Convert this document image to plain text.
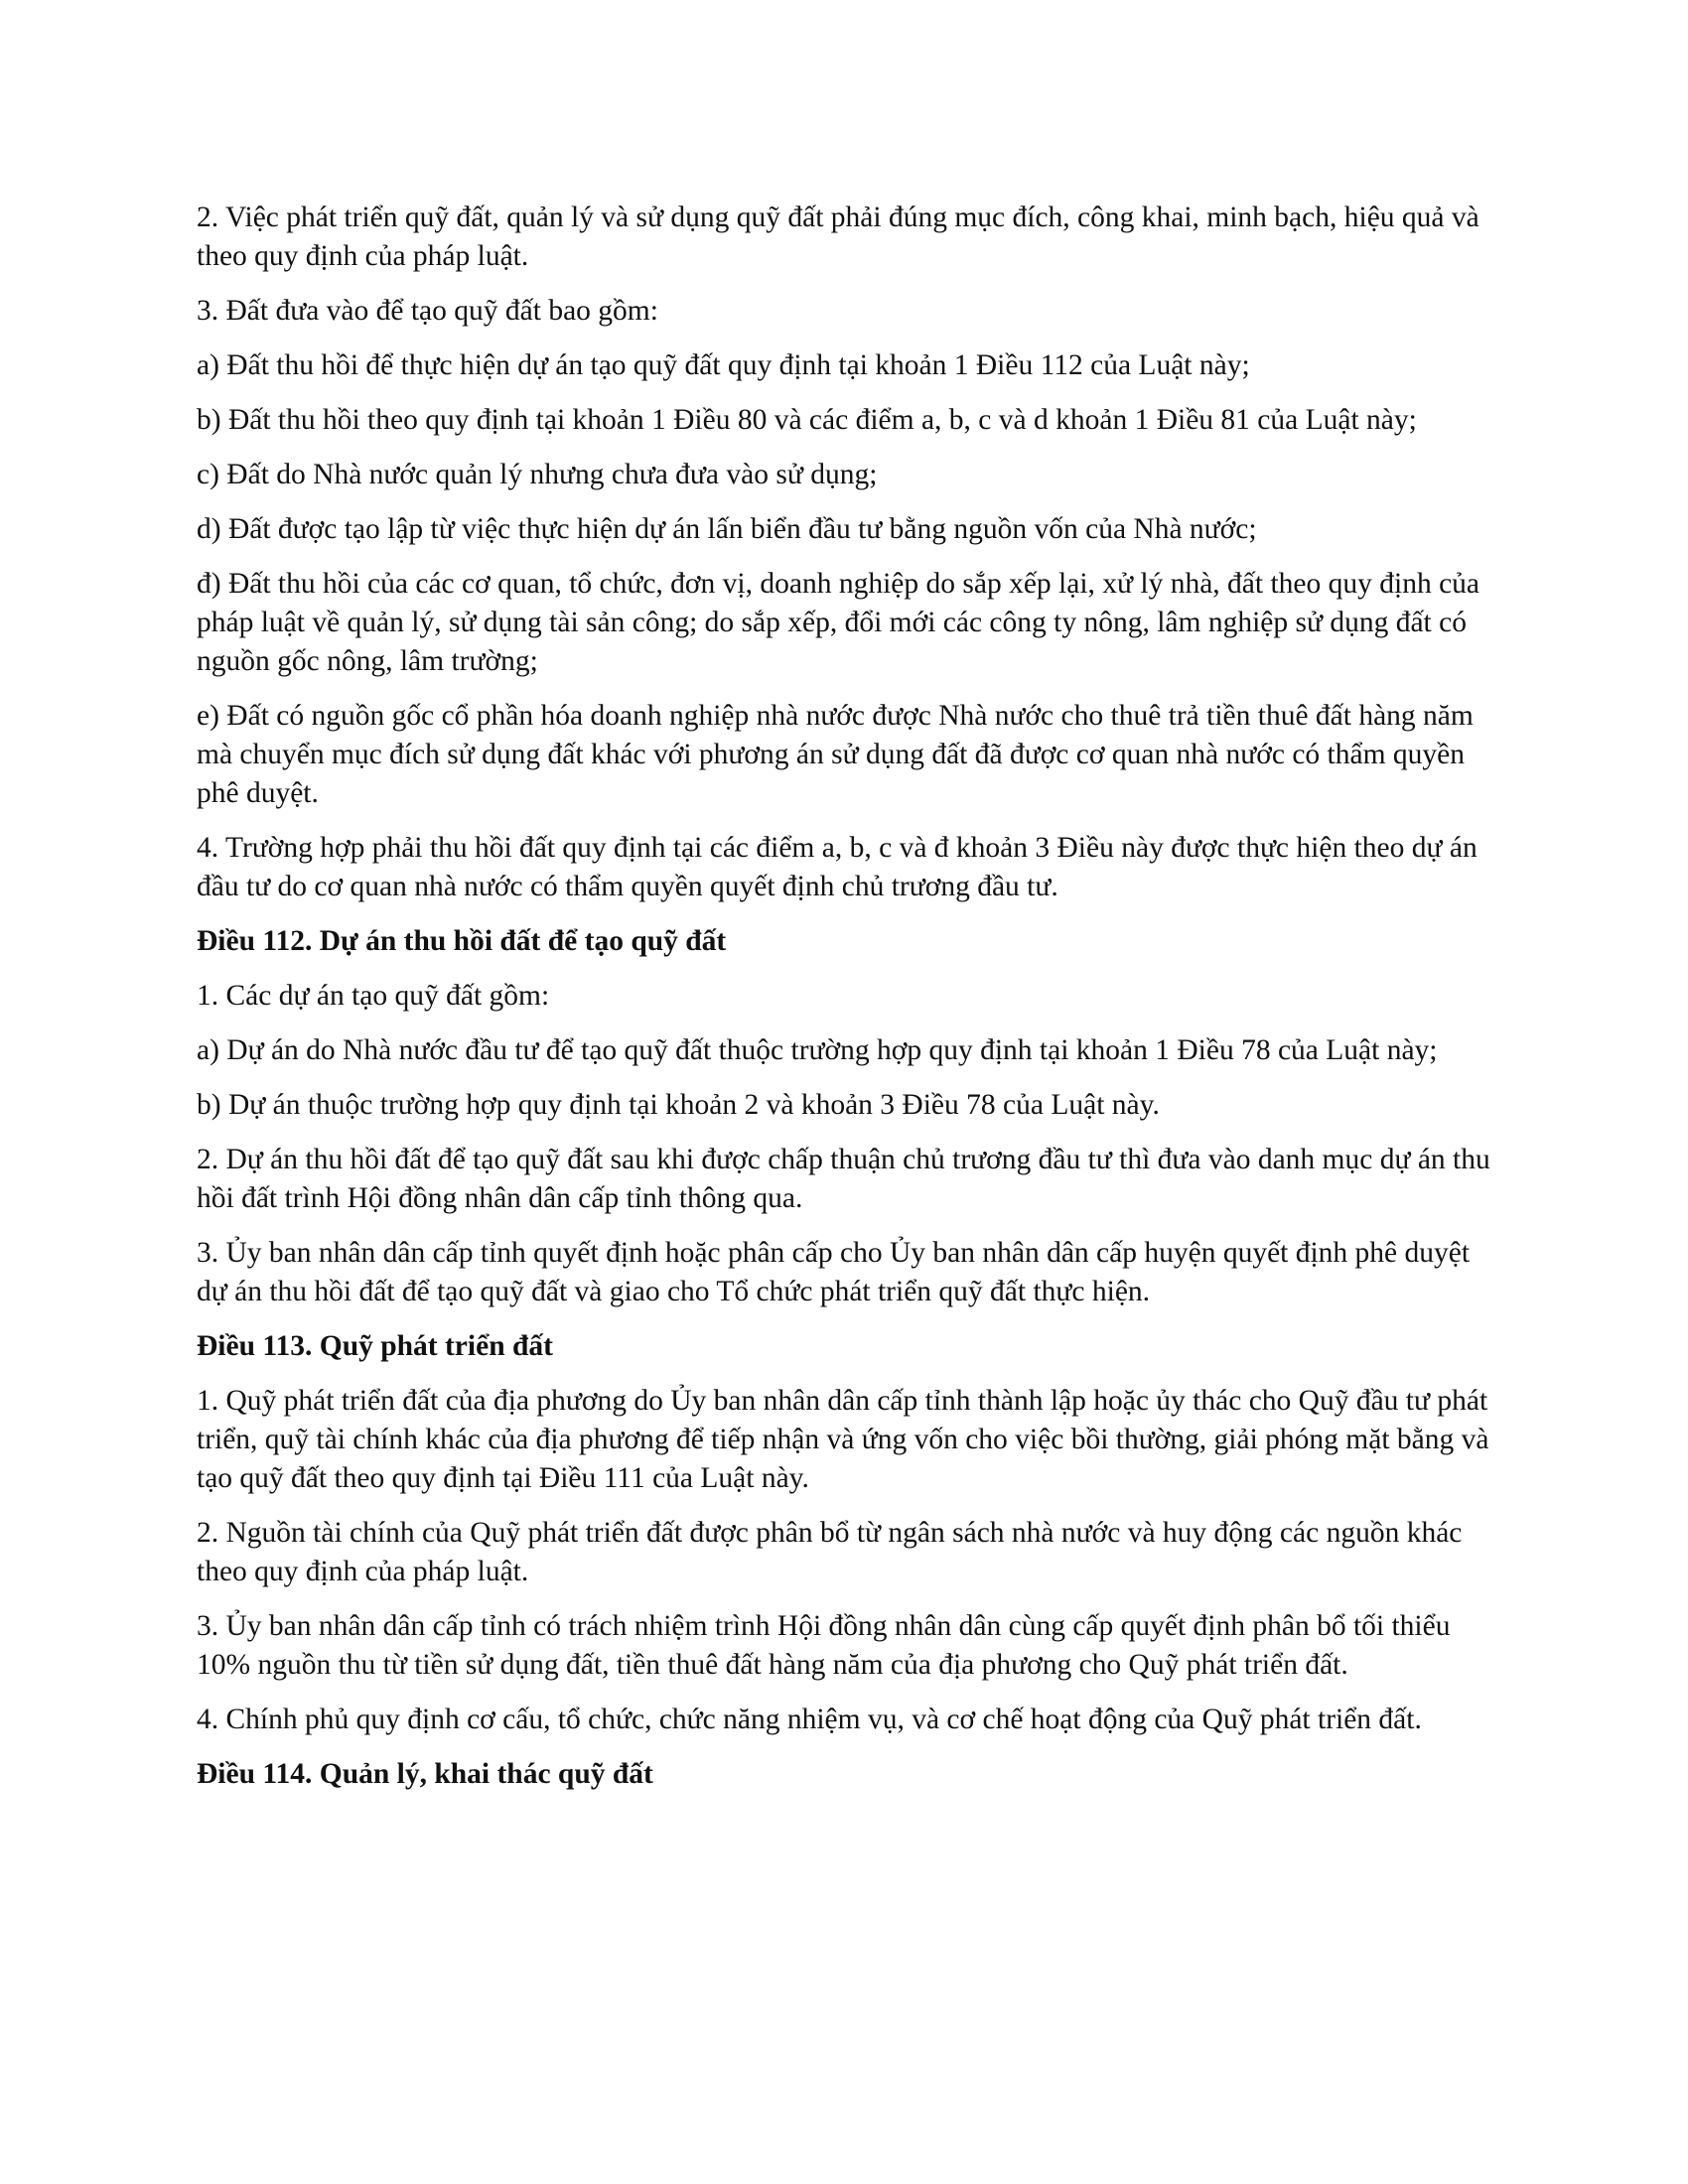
2. Việc phát triển quỹ đất, quản lý và sử dụng quỹ đất phải đúng mục đích, công khai, minh bạch, hiệu quả và theo quy định của pháp luật.

3. Đất đưa vào để tạo quỹ đất bao gồm:

a) Đất thu hồi để thực hiện dự án tạo quỹ đất quy định tại khoản 1 Điều 112 của Luật này;

b) Đất thu hồi theo quy định tại khoản 1 Điều 80 và các điểm a, b, c và d khoản 1 Điều 81 của Luật này;

c) Đất do Nhà nước quản lý nhưng chưa đưa vào sử dụng;

d) Đất được tạo lập từ việc thực hiện dự án lấn biển đầu tư bằng nguồn vốn của Nhà nước;

đ) Đất thu hồi của các cơ quan, tổ chức, đơn vị, doanh nghiệp do sắp xếp lại, xử lý nhà, đất theo quy định của pháp luật về quản lý, sử dụng tài sản công; do sắp xếp, đổi mới các công ty nông, lâm nghiệp sử dụng đất có nguồn gốc nông, lâm trường;

e) Đất có nguồn gốc cổ phần hóa doanh nghiệp nhà nước được Nhà nước cho thuê trả tiền thuê đất hàng năm mà chuyển mục đích sử dụng đất khác với phương án sử dụng đất đã được cơ quan nhà nước có thẩm quyền phê duyệt.

4. Trường hợp phải thu hồi đất quy định tại các điểm a, b, c và đ khoản 3 Điều này được thực hiện theo dự án đầu tư do cơ quan nhà nước có thẩm quyền quyết định chủ trương đầu tư.

Điều 112. Dự án thu hồi đất để tạo quỹ đất

1. Các dự án tạo quỹ đất gồm:

a) Dự án do Nhà nước đầu tư để tạo quỹ đất thuộc trường hợp quy định tại khoản 1 Điều 78 của Luật này;

b) Dự án thuộc trường hợp quy định tại khoản 2 và khoản 3 Điều 78 của Luật này.

2. Dự án thu hồi đất để tạo quỹ đất sau khi được chấp thuận chủ trương đầu tư thì đưa vào danh mục dự án thu hồi đất trình Hội đồng nhân dân cấp tỉnh thông qua.

3. Ủy ban nhân dân cấp tỉnh quyết định hoặc phân cấp cho Ủy ban nhân dân cấp huyện quyết định phê duyệt dự án thu hồi đất để tạo quỹ đất và giao cho Tổ chức phát triển quỹ đất thực hiện.

Điều 113. Quỹ phát triển đất

1. Quỹ phát triển đất của địa phương do Ủy ban nhân dân cấp tỉnh thành lập hoặc ủy thác cho Quỹ đầu tư phát triển, quỹ tài chính khác của địa phương để tiếp nhận và ứng vốn cho việc bồi thường, giải phóng mặt bằng và tạo quỹ đất theo quy định tại Điều 111 của Luật này.

2. Nguồn tài chính của Quỹ phát triển đất được phân bổ từ ngân sách nhà nước và huy động các nguồn khác theo quy định của pháp luật.

3. Ủy ban nhân dân cấp tỉnh có trách nhiệm trình Hội đồng nhân dân cùng cấp quyết định phân bổ tối thiểu 10% nguồn thu từ tiền sử dụng đất, tiền thuê đất hàng năm của địa phương cho Quỹ phát triển đất.

4. Chính phủ quy định cơ cấu, tổ chức, chức năng nhiệm vụ, và cơ chế hoạt động của Quỹ phát triển đất.

Điều 114. Quản lý, khai thác quỹ đất
